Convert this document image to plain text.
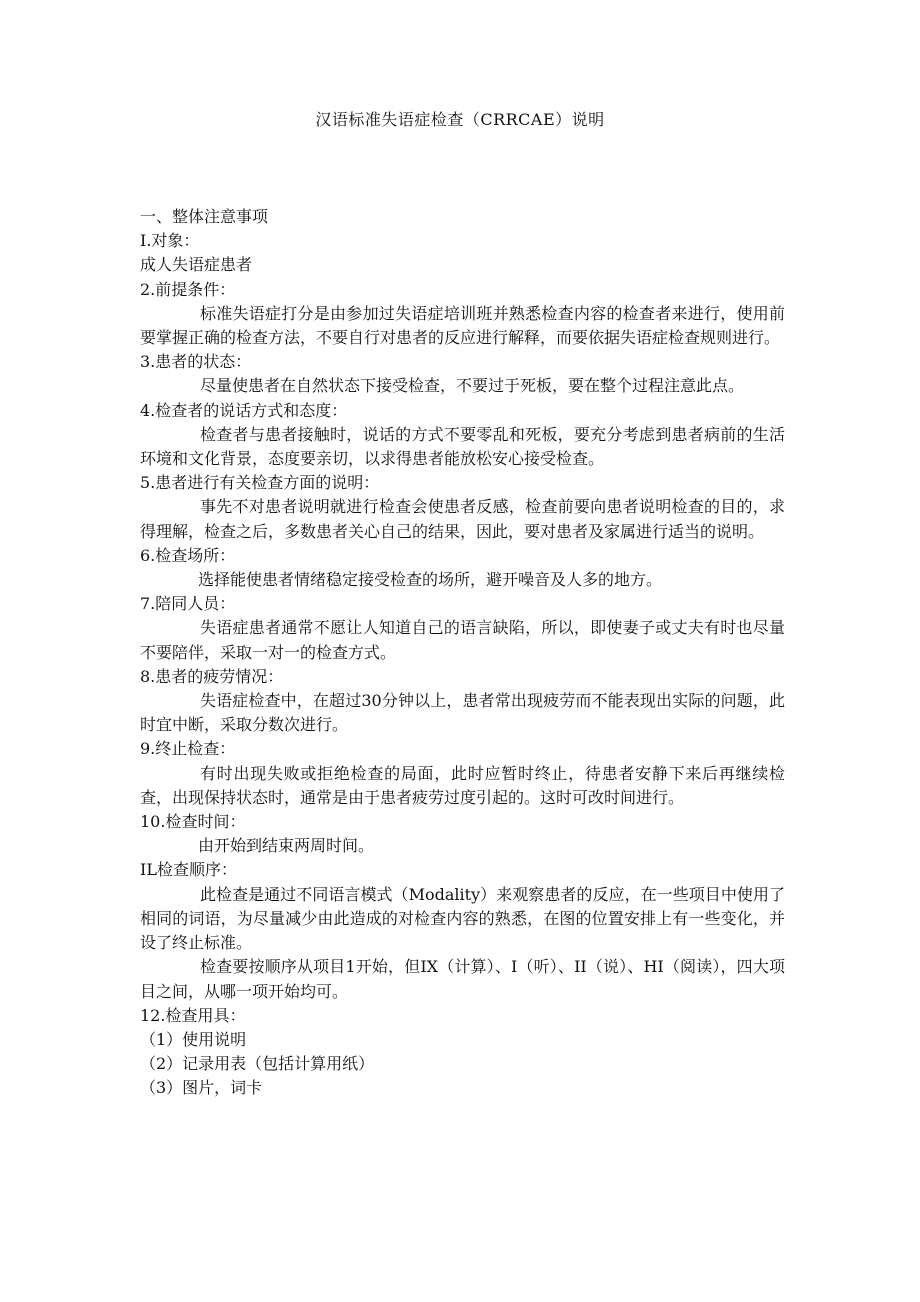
汉语标准失语症检查（CRRCAE）说明

一、整体注意事项

I.对象：

成人失语症患者

2.前提条件：

标准失语症打分是由参加过失语症培训班并熟悉检查内容的检查者来进行，使用前要掌握正确的检查方法，不要自行对患者的反应进行解释，而要依据失语症检查规则进行。

3.患者的状态：

尽量使患者在自然状态下接受检查，不要过于死板，要在整个过程注意此点。

4.检查者的说话方式和态度：

检查者与患者接触时，说话的方式不要零乱和死板，要充分考虑到患者病前的生活环境和文化背景，态度要亲切，以求得患者能放松安心接受检查。

5.患者进行有关检查方面的说明：

事先不对患者说明就进行检查会使患者反感，检查前要向患者说明检查的目的，求得理解，检查之后，多数患者关心自己的结果，因此，要对患者及家属进行适当的说明。

6.检查场所：

选择能使患者情绪稳定接受检查的场所，避开噪音及人多的地方。

7.陪同人员：

失语症患者通常不愿让人知道自己的语言缺陷，所以，即使妻子或丈夫有时也尽量不要陪伴，采取一对一的检查方式。

8.患者的疲劳情况：

失语症检查中，在超过30分钟以上，患者常出现疲劳而不能表现出实际的问题，此时宜中断，采取分数次进行。

9.终止检查：

有时出现失败或拒绝检查的局面，此时应暂时终止，待患者安静下来后再继续检查，出现保持状态时，通常是由于患者疲劳过度引起的。这时可改时间进行。

10.检查时间：

由开始到结束两周时间。

IL检查顺序：

此检查是通过不同语言模式（Modality）来观察患者的反应，在一些项目中使用了相同的词语，为尽量减少由此造成的对检查内容的熟悉，在图的位置安排上有一些变化，并设了终止标准。

检查要按顺序从项目1开始，但IX（计算）、I（听）、II（说）、HI（阅读），四大项目之间，从哪一项开始均可。

12.检查用具：

（1）使用说明

（2）记录用表（包括计算用纸）

（3）图片，词卡
